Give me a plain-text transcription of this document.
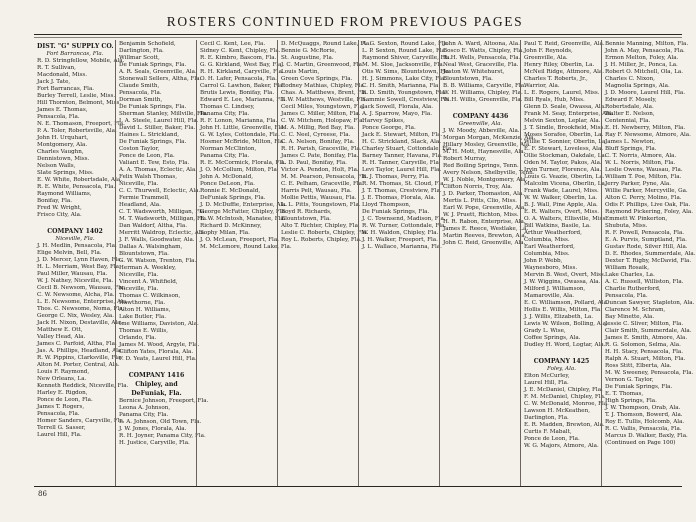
ROSTERS CONTINUED FROM PREVIOUS PAGES
DIST. "G" SUPPLY CO.
Fort Barrancas, Fla.
R. D. Stringfellow, Mobile, Ala.
R. T. Sullivan,
Macdonald, Miss.
Jack J. Tate,
Fort Barrancas, Fla.
Burley Terrell, Leslie, Miss.
Hill Thornton, Belmont, Miss.
James E. Thomas,
Pensacola, Fla.
N. E. Thomason, Freeport, Fla.
P. A. Toler, Robertsville, Ala.
John H. Urquhart,
Montgomery, Ala.
Charles Vaughn,
Dennistown, Miss.
Nelson Walls,
Slate Springs, Miss.
E. W. White, Robertsdale, Ala.
R. E. White, Pensacola, Fla.
Raymond Williams,
Bonifay, Fla.
Fred W. Wright,
Frisco City, Ala.

COMPANY 1402
Niceville, Fla.
J. H. Medlin, Pensacola, Fla.
Elige Melvin, Bell, Fla.
J. D. Mercer, Lynn Haven, Fla.
H. L. Merriam, West Bay, Fla.
Paul Miller, Wausau, Fla.
W. J. Nathey, Niceville, Fla.
Cecil B. Newsom, Wausau, Fla.
C. W. Newsome, Alcha, Fla.
L. E. Newsome, Enterprise, Ala.
Thos. C. Newsome, Noma, Fla.
George C. Nix, Wesley, Ala.
Jack H. Nixon, Destaville, Ala.
Matthew E. Ott,
Valley Head, Ala.
James C. Parfoid, Altha, Fla.
Jas. A. Phillips, Headland, Ala.
R. W. Pippins, Clarksville, Fla.
Alton M. Porter, Central, Ala.
Louis F. Raymond,
New Orleans, La.
Kenneth Reddick, Niceville, Fla.
Harley E. Rigdon,
Ponce de Leon, Fla.
James T. Rogers,
Pensacola, Fla.
Homer Sanders, Caryville, Fla.
Terrell G. Sasser,
Laurel Hill, Fla.
Benjamin Schofield,
Darlington, Fla.
Willmar Scott,
De Funiak Springs, Fla.
A. R. Seals, Greenville, Ala.
Stonewall Sellers, Altha, Fla.
Claude Smith,
Pensacola, Fla.
Dorman Smith,
De Funiak Springs, Fla.
Sherman Stanley, Millville, Fla.
I. A. Steele, Laurel Hill, Fla.
David L. Stiller, Baker, Fla.
Haines L. Strickland,
De Funiak Springs, Fla.
Coston Taylor,
Ponce de Leon, Fla.
Valiant E. Tew, Esto, Fla.
A. A. Thomas, Eclectic, Ala.
Felix Walsh Thomas,
Niceville, Fla.
C. C. Thurwell, Eclectic, Ala.
Fermie Trammell,
Headland, Ala.
C. T. Wadsworth, Milligan, Fla.
M. T. Wadsworth, Milligan, Fla.
Dan Waldorf, Altha, Fla.
Merritt Waldrop, Eclectic, Ala.
J. F. Walls, Goodwater, Ala.
Dallas A. Walsingham,
Blountstown, Fla.
G. W. Watson, Trenton, Fla.
Herman A. Weekley,
Niceville, Fla.
Vincent A. Whitfield,
Niceville, Fla.
Thomas C. Wilkinson,
Hawthorne, Fla.
Alton H. Williams,
Lake Butler, Fla.
Ime Williams, Daviston, Ala.
Thomas E. Willis,
Orlando, Fla.
James M. Wood, Argyle, Fla.
Clifton Yates, Florala, Ala.
F. D. Yeats, Laurel Hill, Fla.

COMPANY 1416
Chipley, and
DeFuniak, Fla.
Bernice Johnson, Freeport, Fla.
Leona A. Johnson,
Panama City, Fla.
L. A. Johnson, Old Town, Fla.
J. W. Jones, Florala, Ala.
R. H. Joyner, Panama City, Fla.
H. Justice, Caryville, Fla.
Cecil C. Kent, Lee, Fla.
Sidney C. Kent, Chipley, Fla.
R. E. Kimbro, Bascom, Fla.
G. G. Kirkland, West Bay, Fla.
R. H. Kirkland, Caryville, Fla.
O. H. Lafer, Pensacola, Fla.
Carrol G. Lawhon, Baker, Fla.
Brutis Lewis, Bonifay, Fla.
Edward E. Lee, Marianna, Fla.
Thomas C. Lindsey,
Panama City, Fla.
R. F. Lonon, Marianna, Fla.
John H. Little, Greenville, Fla.
G. W. Lyles, Cottondale, Fla.
Hosmer McBride, Milton, Fla.
Norman McClinton,
Panama City, Fla.
R. E. McCormick, Florala, Fla.
J. O. McCollum, Milton, Fla.
John A. McDonald,
Ponce DeLeon, Fla.
Ronnie E. McDonald,
DeFuniak Springs, Fla.
J. D. McDuffie, Enterprise, Ala.
George McFatter, Chipley, Fla.
E. W. McIntosh, Manatee, Fla.
Richard D. McKinney,
Sophy Milan, Fla.
J. O. McLean, Freeport, Fla.
M. McLemore, Round Lake, Fla.
D. McQuaggs, Round Lake, Fla.
Bennie G. McRorie,
St. Augustine, Fla.
J. C. Martin, Greenwood, Fla.
Louis Martin,
Green Cove Springs, Fla.
Rodney Mathias, Chipley, Fla.
Chas. A. Matthews, Brent, Fla.
T. W. Matthews, Westville, Fla.
Cecil Miles, Youngstown, Fla.
James C. Miller, Milton, Fla.
C. W. Mitchem, Holopaw, Fla.
M. A. Millig, Red Bay, Fla.
C. C. Neel, Cyreese, Fla.
C. A. Nelson, Bonifay, Fla.
R. H. Parish, Graceville, Fla.
James C. Pate, Bonifay, Fla.
L. D. Paul, Bonifay, Fla.
Victor A. Pendon, Holt, Fla.
M. M. Pearson, Pensacola, Fla.
C. E. Pelham, Graceville, Fla.
Harris Pelt, Wausau, Fla.
Mollie Pettis, Wausau, Fla.
L. L. Pitts, Youngstown, Fla.
Boyd R. Richards,
Blountstown, Fla.
Alto T. Richter, Chipley, Fla.
Leslie C. Roberts, Chipley, Fla.
Roy L. Roberts, Chipley, Fla.
A. G. Sexton, Round Lake, Fla.
L. P. Sexton, Round Lake, Fla.
Raymond Shiver, Caryville, Fla.
M. M. Sloe, Jacksonville, Fla.
Otis W. Sims, Blountstown, Fla.
H. J. Simmons, Lake City, Fla.
C. H. Smith, Marianna, Fla.
E. D. Smith, Youngstown, Fla.
Sammie Sowell, Crestview, Fla.
Jack Sowell, Florala, Ala.
A. J. Sparrow, Mayo, Fla.
Harvey Spikes,
Ponce George, Fla.
Jack E. Stewart, Milton, Fla.
H. C. Strickland, Slack, Ala.
Charley Stuart, Cottondale, Fla.
Barney Tanner, Havana, Fla.
R. H. Tanner, Caryville, Fla.
Levi Taylor, Laurel Hill, Fla.
E. J. Thomas, Perry, Fla.
R. M. Thomas, St. Cloud, Fla.
J. T. Thomas, Crestview, Fla.
J. E. Thomas, Florala, Ala.
Lloyd Thompson,
De Funiak Springs, Fla.
J. C. Townsend, Madison, Fla.
R. W. Turner, Cottondale, Fla.
W. H. Waldon, Chipley, Fla.
J. H. Walker, Freeport, Fla.
J. L. Wallace, Marianna, Fla.
John A. Ward, Altoona, Ala.
Bosco E. Watts, Chipley, Fla.
R. H. Wells, Pensacola, Fla.
Neal West, Graceville, Fla.
Joston W. Whitehurst,
Blountstown, Fla.
B. B. Williams, Caryville, Fla.
W. H. Williams, Chipley, Fla.
W. H. Willis, Greenville, Fla.

COMPANY 4436
Greenville, Ala.
J. W. Moody, Abbeville, Ala.
Morgan Morgan, McKenzie, Ala.
Hillary Mosley, Greenville, Ala.
M. H. Mott, Haynesville, Ala.
Robert Murray,
Red Boiling Springs, Tenn.
Avery Nelson, Shelbyville, Tenn.
W. J. Noble, Montgomery, Ala.
Clifton Norris, Troy, Ala.
J. D. Parker, Thomaston, Ala.
Mertis L. Pitts, Clio, Miss.
Earl W. Pope, Greenville, Ala.
W. J. Pruett, Richton, Miss.
H. R. Rabon, Enterprise, Ala.
James E. Reece, Westlake, La.
Martin Reeves, Brewton, Ala.
John C. Reid, Greenville, Ala.
Paul T. Reid, Greenville, Ala.
John F. Reynolds,
Greenville, Ala.
Henry Riley, Oberlin, La.
McNeil Ridge, Attmore, Ala.
Charles T. Roberts, Jr.,
Warrior, Ala.
L. E. Rogers, Laurel, Miss.
Bill Ryals, Hub, Miss.
Glenn D. Seale, Owassa, Ala.
Frank M. Seay, Enterprise, Ala.
Melvin Sexton, Leplar, Ala.
J. T. Sindle, Brookfield, Miss.
Moses Sorafee, Oberlin, La.
Willie T. Sonnier, Oberlin, La.
E. F. Stewart, Loveless, Ala.
Ollie Stockman, Oakdale, La.
Oden M. Taylor, Pakos, Ala.
Irvin Turner, Florence, Ala.
Louis G. Veazie, Oberlin, La.
Malcolm Vicena, Oberlin, La.
Frank Wade, Laurel, Miss.
W. W. Walker, Oberlin, La.
B. J. Wall, Pine Apple, Ala.
E. R. Walters, Overt, Miss.
O. A. Walters, Ellisville, Miss.
Bill Watkins, Basile, La.
Arthur Weatherford,
Columbia, Miss.
Earl Weatherford,
Columbia, Miss.
John P. Webb,
Waynesboro, Miss.
Mervin B. West, Overt, Miss.
J. W. Wiggins, Owassa, Ala.
Milford J. Williamson,
Mamaroville, Ala.
E. C. Williamson, Pollard, Ala.
Hollis E. Willis, Milton, Fla.
J. J. Willis, Elizabeth, La.
Lewis W. Wilson, Bolling, Ala.
Grady L. Wise,
Coffee Springs, Ala.
Dudley H. Word, Logtar, Ala.

COMPANY 1425
Foley, Ala.
Elton McCurley,
Laurel Hill, Fla.
J. E. McDaniel, Chipley, Fla.
F. M. McDaniel, Chipley, Fla.
C. W. McDonald, Monroe, Fla.
Lawson H. McKeathen,
Darlington, Fla.
E. R. Madden, Brewton, Ala.
Curtis F. Mabalt,
Ponce de Leon, Fla.
W. G. Majors, Atmore, Ala.
Bennie Manning, Milton, Fla.
John A. May, Pensacola, Fla.
Ermon Melton, Foley, Ala.
J. H. Miller, Jr., Ponca, La.
Robert O. Mitchell, Ola, La.
Charles C. Nixon,
Magnolia Springs, Ala.
J. D. Moore, Laurel Hill, Fla.
Edward F. Mosely,
Robertsdale, Ala.
Walter E. Nelson,
Centennial, Fla.
E. H. Newberry, Milton, Fla.
Ray F. Newsome, Atmore, Ala.
James L. Newton,
Bluff Springs, Fla.
C. T. Norris, Atmore, Ala.
W. L. Norris, Milton, Fla.
Leslie Owens, Wausau, Fla.
William T. Poe, Milton, Fla.
Jerry Parker, Pyne, Ala.
Willie Parker, Mercyville, Ga.
Alton C. Perry, Molino, Fla.
Odis F. Phillips, Live Oak, Fla.
Raymond Pickering, Foley, Ala.
Emmett W. Pinkerton,
Shubuta, Miss.
R. F. Powell, Pensacola, Fla.
E. A. Purvis, Sumptland, Fla.
Gustav Rode, Silver Hill, Ala.
D. E. Rhodes, Summerdale, Ala.
Dexter T. Rigby, McDavid, Fla.
William Rosaik,
Lake Charles, La.
A. C. Russell, Williston, Fla.
Charlie Rutherford,
Pensacola, Fla.
Duncan Sawyer, Stapleton, Ala.
Clarence M. Schram,
Bay Minette, Ala.
Jessie C. Sliver, Milton, Fla.
Clair Smith, Summerdale, Ala.
James E. Smith, Atmore, Ala.
R. G. Solomon, Selma, Ala.
H. H. Stacy, Pensacola, Fla.
Ralph A. Stuart, Milton, Fla.
Ross Stitt, Elberta, Ala.
M. W. Sweeney, Pensacola, Fla.
Vernon G. Taylor,
De Funiak Springs, Fla.
E. T. Thomas,
High Springs, Fla.
J. W. Thompson, Orab, Ala.
T. J. Thomson, Bowerd, Ala.
Roy E. Tullis, Holcomb, Ala.
R. C. Vallis, Pensacola, Fla.
Marcus D. Walker, Baxly, Fla.
(Continued on Page 100)
86
